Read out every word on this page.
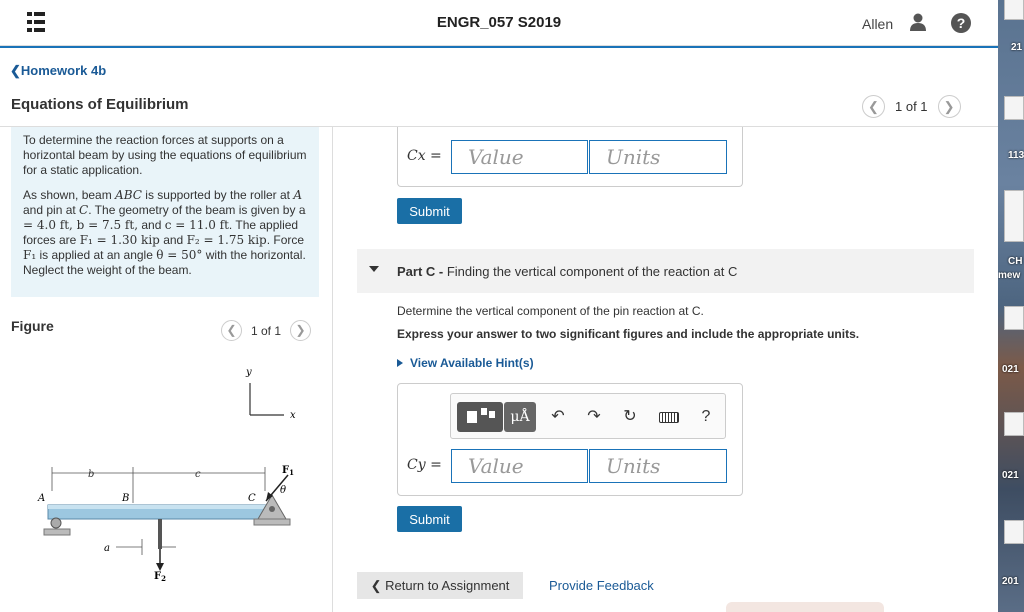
ENGR_057 S2019	Allen	?
❮Homework 4b
Equations of Equilibrium	❮	1 of 1	❯

To determine the reaction forces at supports on a horizontal beam by using the equations of equilibrium for a static application.

As shown, beam ABC is supported by the roller at A and pin at C. The geometry of the beam is given by a = 4.0 ft, b = 7.5 ft, and c = 11.0 ft. The applied forces are F₁ = 1.30 kip and F₂ = 1.75 kip. Force F₁ is applied at an angle θ = 50° with the horizontal. Neglect the weight of the beam.

Figure	❮	1 of 1	❯
y
x
b	c
A	B	C
$F_1$
θ
$F_2$
a
Cx =
Value
Units
Submit
Part C - Finding the vertical component of the reaction at C
Determine the vertical component of the pin reaction at C.
Express your answer to two significant figures and include the appropriate units.
View Available Hint(s)
μÅ	↶ ↷ ↻	?
Cy =
Value
Units
Submit
❮ Return to Assignment	Provide Feedback
21
113
CH
mew
021
021
201
